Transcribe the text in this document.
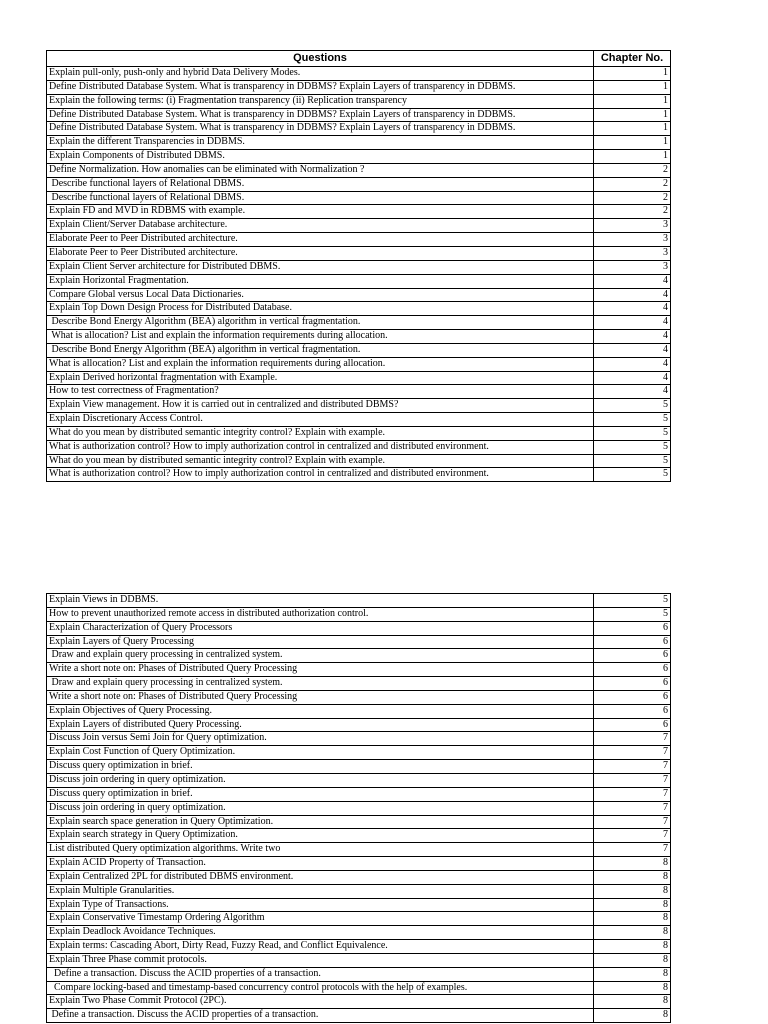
Questions	Chapter No.
Explain pull-only, push-only and hybrid Data Delivery Modes.	1
Define Distributed Database System. What is transparency in DDBMS? Explain Layers of transparency in DDBMS.	1
Explain the following terms: (i) Fragmentation transparency (ii) Replication transparency	1
Define Distributed Database System. What is transparency in DDBMS? Explain Layers of transparency in DDBMS.	1
Define Distributed Database System. What is transparency in DDBMS? Explain Layers of transparency in DDBMS.	1
Explain the different Transparencies in DDBMS.	1
Explain Components of Distributed DBMS.	1
Define Normalization. How anomalies can be eliminated with Normalization ?	2
Describe functional layers of Relational DBMS.	2
Describe functional layers of Relational DBMS.	2
Explain FD and MVD in RDBMS with example.	2
Explain Client/Server Database architecture.	3
Elaborate Peer to Peer Distributed architecture.	3
Elaborate Peer to Peer Distributed architecture.	3
Explain Client Server architecture for Distributed DBMS.	3
Explain Horizontal Fragmentation.	4
Compare Global versus Local Data Dictionaries.	4
Explain Top Down Design Process for Distributed Database.	4
Describe Bond Energy Algorithm (BEA) algorithm in vertical fragmentation.	4
What is allocation? List and explain the information requirements during allocation.	4
Describe Bond Energy Algorithm (BEA) algorithm in vertical fragmentation.	4
What is allocation? List and explain the information requirements during allocation.	4
Explain Derived horizontal fragmentation with Example.	4
How to test correctness of Fragmentation?	4
Explain View management. How it is carried out in centralized and distributed DBMS?	5
Explain Discretionary Access Control.	5
What do you mean by distributed semantic integrity control? Explain with example.	5
What is authorization control? How to imply authorization control in centralized and distributed environment.	5
What do you mean by distributed semantic integrity control? Explain with example.	5
What is authorization control? How to imply authorization control in centralized and distributed environment.	5
Explain Views in DDBMS.	5
How to prevent unauthorized remote access in distributed authorization control.	5
Explain Characterization of Query Processors	6
Explain Layers of Query Processing	6
Draw and explain query processing in centralized system.	6
Write a short note on: Phases of Distributed Query Processing	6
Draw and explain query processing in centralized system.	6
Write a short note on: Phases of Distributed Query Processing	6
Explain Objectives of Query Processing.	6
Explain Layers of distributed Query Processing.	6
Discuss Join versus Semi Join for Query optimization.	7
Explain Cost Function of Query Optimization.	7
Discuss query optimization in brief.	7
Discuss join ordering in query optimization.	7
Discuss query optimization in brief.	7
Discuss join ordering in query optimization.	7
Explain search space generation in Query Optimization.	7
Explain search strategy in Query Optimization.	7
List distributed Query optimization algorithms. Write two	7
Explain ACID Property of Transaction.	8
Explain Centralized 2PL for distributed DBMS environment.	8
Explain Multiple Granularities.	8
Explain Type of Transactions.	8
Explain Conservative Timestamp Ordering Algorithm	8
Explain Deadlock Avoidance Techniques.	8
Explain terms: Cascading Abort, Dirty Read, Fuzzy Read, and Conflict Equivalence.	8
Explain Three Phase commit protocols.	8
Define a transaction. Discuss the ACID properties of a transaction.	8
Compare locking-based and timestamp-based concurrency control protocols with the help of examples.	8
Explain Two Phase Commit Protocol (2PC).	8
Define a transaction. Discuss the ACID properties of a transaction.	8
